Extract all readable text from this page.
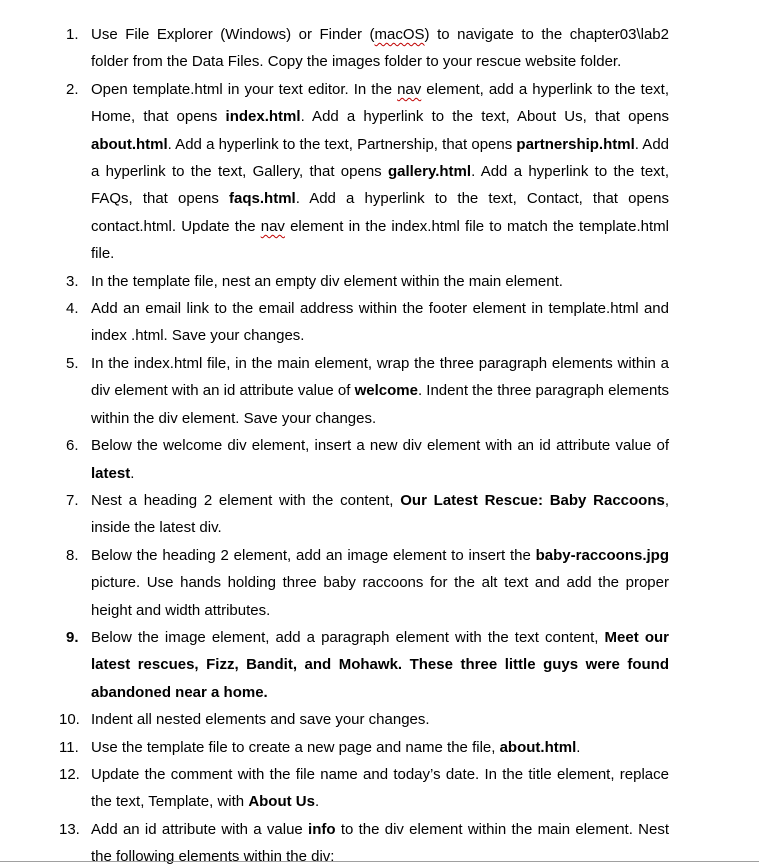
1. Use File Explorer (Windows) or Finder (macOS) to navigate to the chapter03\lab2 folder from the Data Files. Copy the images folder to your rescue website folder.
2. Open template.html in your text editor. In the nav element, add a hyperlink to the text, Home, that opens index.html. Add a hyperlink to the text, About Us, that opens about.html. Add a hyperlink to the text, Partnership, that opens partnership.html. Add a hyperlink to the text, Gallery, that opens gallery.html. Add a hyperlink to the text, FAQs, that opens faqs.html. Add a hyperlink to the text, Contact, that opens contact.html. Update the nav element in the index.html file to match the template.html file.
3. In the template file, nest an empty div element within the main element.
4. Add an email link to the email address within the footer element in template.html and index .html. Save your changes.
5. In the index.html file, in the main element, wrap the three paragraph elements within a div element with an id attribute value of welcome. Indent the three paragraph elements within the div element. Save your changes.
6. Below the welcome div element, insert a new div element with an id attribute value of latest.
7. Nest a heading 2 element with the content, Our Latest Rescue: Baby Raccoons, inside the latest div.
8. Below the heading 2 element, add an image element to insert the baby-raccoons.jpg picture. Use hands holding three baby raccoons for the alt text and add the proper height and width attributes.
9. Below the image element, add a paragraph element with the text content, Meet our latest rescues, Fizz, Bandit, and Mohawk. These three little guys were found abandoned near a home.
10. Indent all nested elements and save your changes.
11. Use the template file to create a new page and name the file, about.html.
12. Update the comment with the file name and today’s date. In the title element, replace the text, Template, with About Us.
13. Add an id attribute with a value info to the div element within the main element. Nest the following elements within the div:
